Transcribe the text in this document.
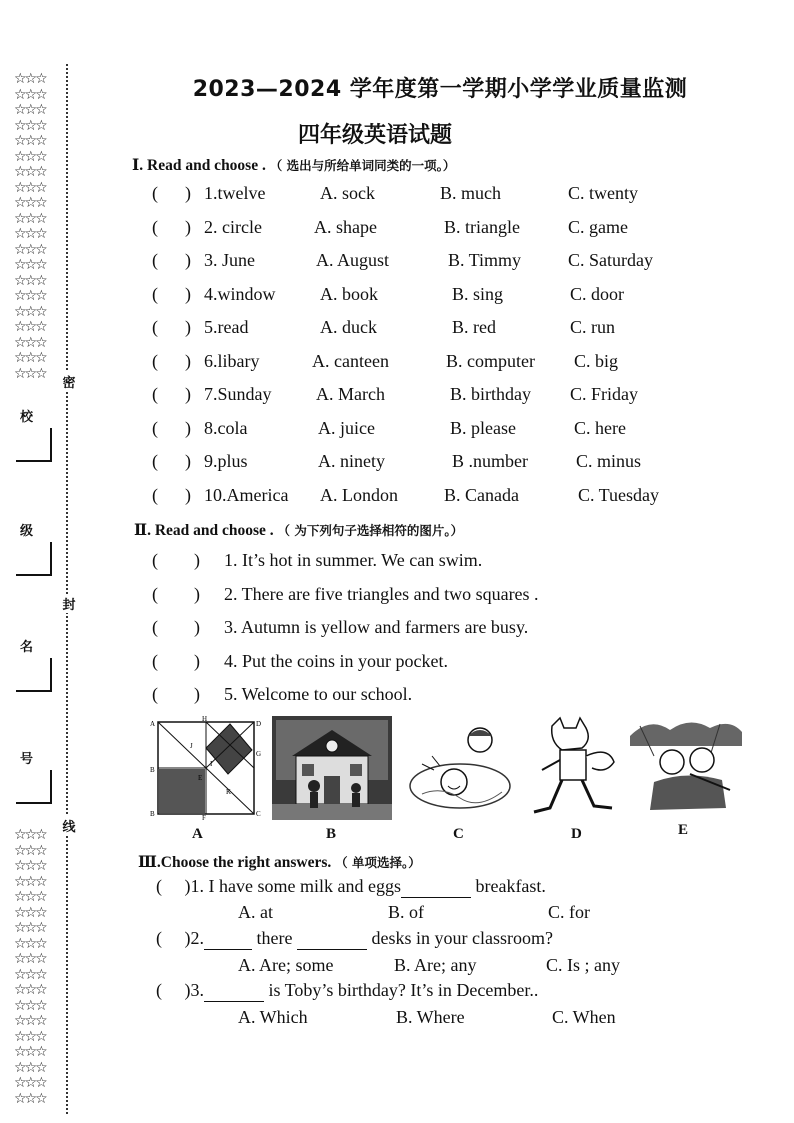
☆☆☆
☆☆☆
☆☆☆
☆☆☆
☆☆☆
☆☆☆
☆☆☆
☆☆☆
☆☆☆
☆☆☆
☆☆☆
☆☆☆
☆☆☆
☆☆☆
☆☆☆
☆☆☆
☆☆☆
☆☆☆
☆☆☆
☆☆☆
☆☆☆
☆☆☆
☆☆☆
☆☆☆
☆☆☆
☆☆☆
☆☆☆
☆☆☆
☆☆☆
☆☆☆
☆☆☆
☆☆☆
☆☆☆
☆☆☆
☆☆☆
☆☆☆
☆☆☆
☆☆☆
密
封
线
校
级
名
号
2023—2024 学年度第一学期小学学业质量监测
四年级英语试题
Ⅰ. Read and choose . （ 选出与所给单词同类的一项。）
(      ) 1.twelve	A. sock	B. much	C. twenty
(      ) 2. circle	A. shape	B. triangle	C. game
(      ) 3. June	A. August	B. Timmy	C. Saturday
(      ) 4.window A. book	B. sing	C. door
(      ) 5.read	A. duck	B. red	C. run
(      ) 6.libary	A. canteen	B. computer C. big
(      ) 7.Sunday A. March	B. birthday C. Friday
(      ) 8.cola	A. juice	B. please	C. here
(      ) 9.plus	A. ninety	B .number	C. minus
(      ) 10.America A. London	B. Canada	C. Tuesday
Ⅱ. Read and choose . （ 为下列句子选择相符的图片。）
(        ) 1. It’s hot in summer. We can swim.
(        ) 2. There are five triangles and two squares .
(        ) 3. Autumn is yellow and farmers are busy.
(        ) 4. Put the coins in your pocket.
(        ) 5. Welcome to our school.
A
H
D
J
G
B
I
E
K
B	F	C
A	B	C	D	E
Ⅲ.Choose the right answers. （ 单项选择。）
(     )1. I have some milk and eggs	breakfast.
A. at	B. of	C. for
(     )2.	there	desks in your classroom?
A. Are; some	B. Are; any	C. Is ; any
(     )3.	is Toby’s birthday? It’s in December..
A. Which	B. Where	C. When
